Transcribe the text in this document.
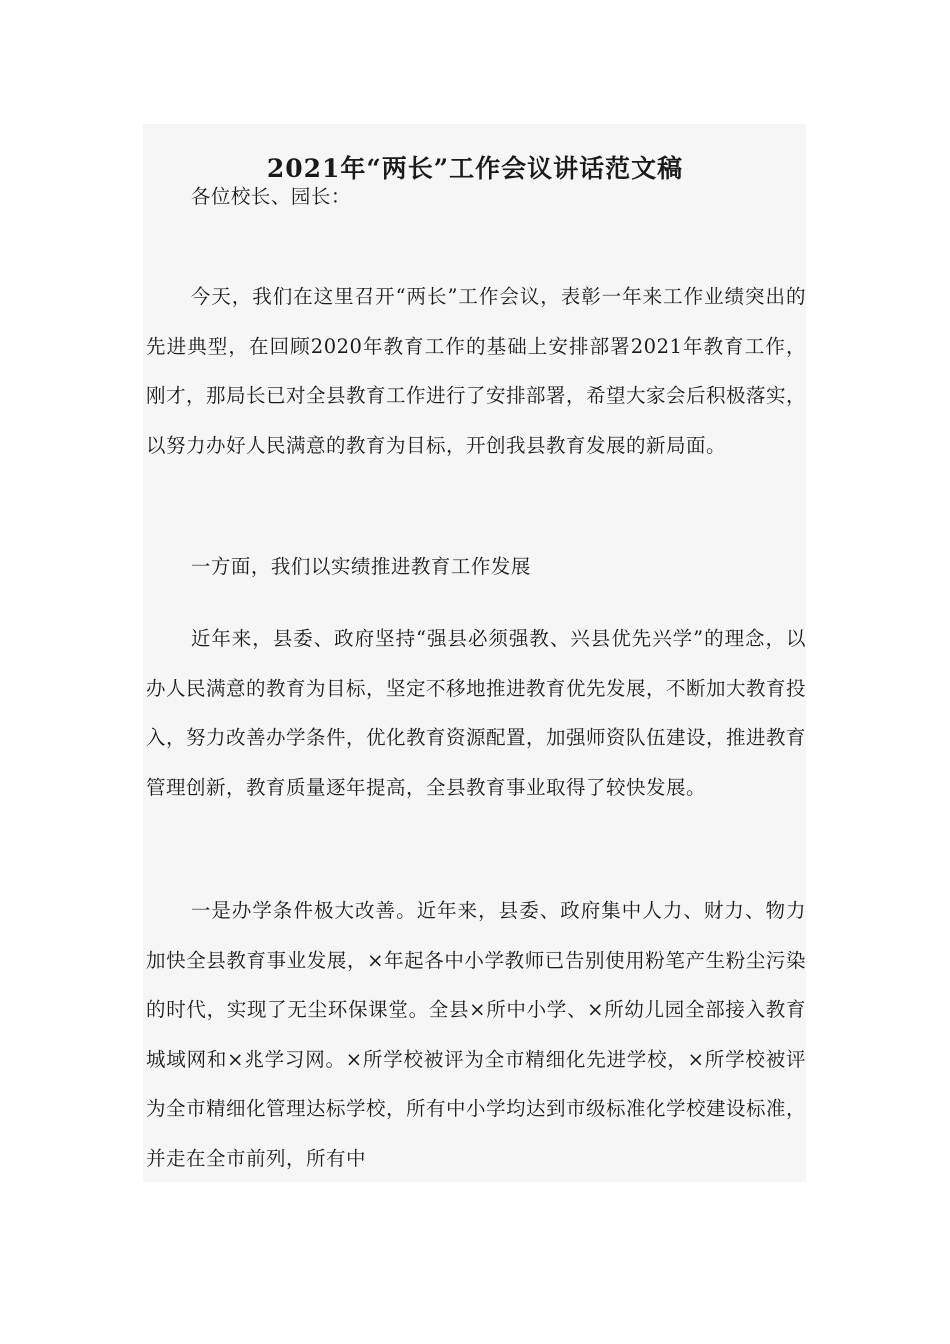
2021年“两长”工作会议讲话范文稿

各位校长、园长：

今天，我们在这里召开“两长”工作会议，表彰一年来工作业绩突出的先进典型，在回顾2020年教育工作的基础上安排部署2021年教育工作，刚才，那局长已对全县教育工作进行了安排部署，希望大家会后积极落实，以努力办好人民满意的教育为目标，开创我县教育发展的新局面。

一方面，我们以实绩推进教育工作发展

近年来，县委、政府坚持“强县必须强教、兴县优先兴学”的理念，以办人民满意的教育为目标，坚定不移地推进教育优先发展，不断加大教育投入，努力改善办学条件，优化教育资源配置，加强师资队伍建设，推进教育管理创新，教育质量逐年提高，全县教育事业取得了较快发展。

一是办学条件极大改善。近年来，县委、政府集中人力、财力、物力加快全县教育事业发展，×年起各中小学教师已告别使用粉笔产生粉尘污染的时代，实现了无尘环保课堂。全县×所中小学、×所幼儿园全部接入教育城域网和×兆学习网。×所学校被评为全市精细化先进学校，×所学校被评为全市精细化管理达标学校，所有中小学均达到市级标准化学校建设标准，并走在全市前列，所有中
